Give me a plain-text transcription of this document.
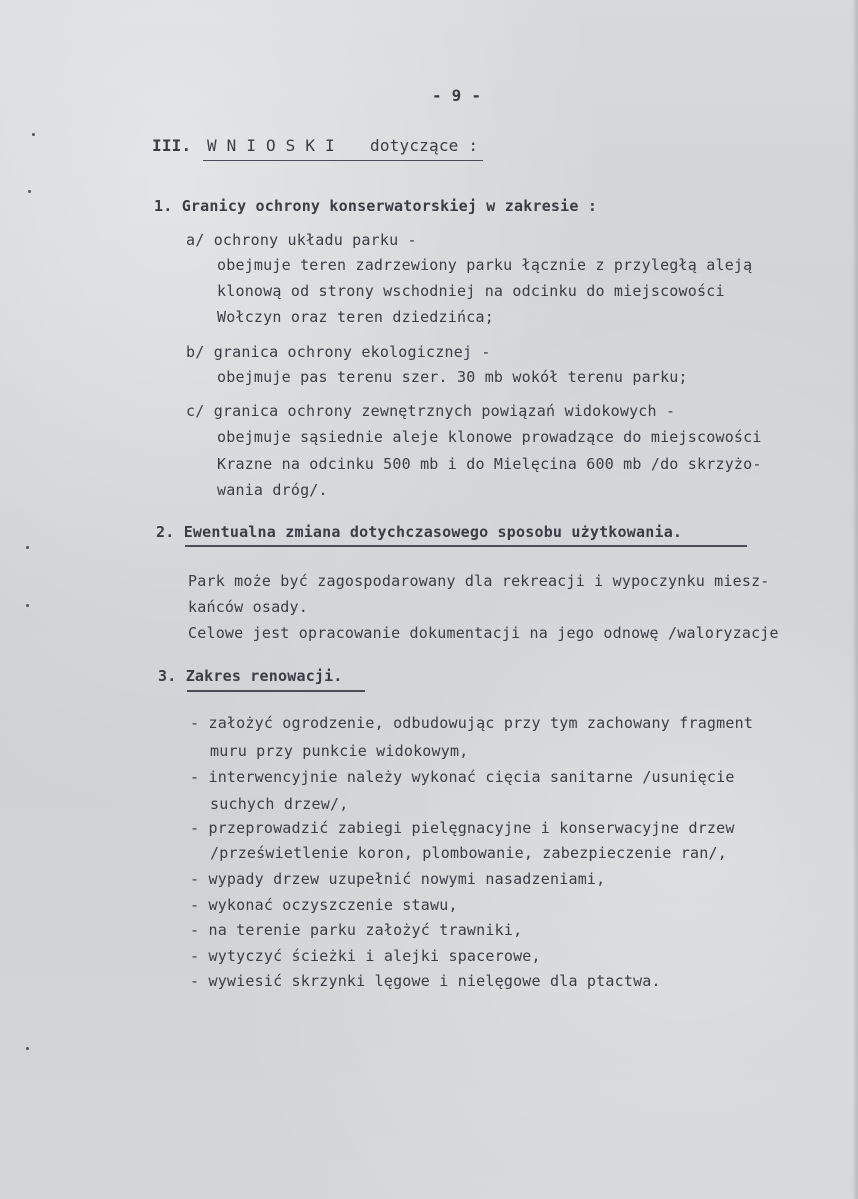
- 9 -
III. W N I O S K I dotyczące :
1. Granicy ochrony konserwatorskiej w zakresie :
a/ ochrony układu parku -
obejmuje teren zadrzewiony parku łącznie z przyległą aleją
klonową od strony wschodniej na odcinku do miejscowości
Wołczyn oraz teren dziedzińca;
b/ granica ochrony ekologicznej -
obejmuje pas terenu szer. 30 mb wokół terenu parku;
c/ granica ochrony zewnętrznych powiązań widokowych -
obejmuje sąsiednie aleje klonowe prowadzące do miejscowości
Krazne na odcinku 500 mb i do Mielęcina 600 mb /do skrzyżo-
wania dróg/.
2. Ewentualna zmiana dotychczasowego sposobu użytkowania.
Park może być zagospodarowany dla rekreacji i wypoczynku miesz-
kańców osady.
Celowe jest opracowanie dokumentacji na jego odnowę /waloryzacje
3. Zakres renowacji.
- założyć ogrodzenie, odbudowując przy tym zachowany fragment
muru przy punkcie widokowym,
- interwencyjnie należy wykonać cięcia sanitarne /usunięcie
suchych drzew/,
- przeprowadzić zabiegi pielęgnacyjne i konserwacyjne drzew
/prześwietlenie koron, plombowanie, zabezpieczenie ran/,
- wypady drzew uzupełnić nowymi nasadzeniami,
- wykonać oczyszczenie stawu,
- na terenie parku założyć trawniki,
- wytyczyć ścieżki i alejki spacerowe,
- wywiesić skrzynki lęgowe i nielęgowe dla ptactwa.
